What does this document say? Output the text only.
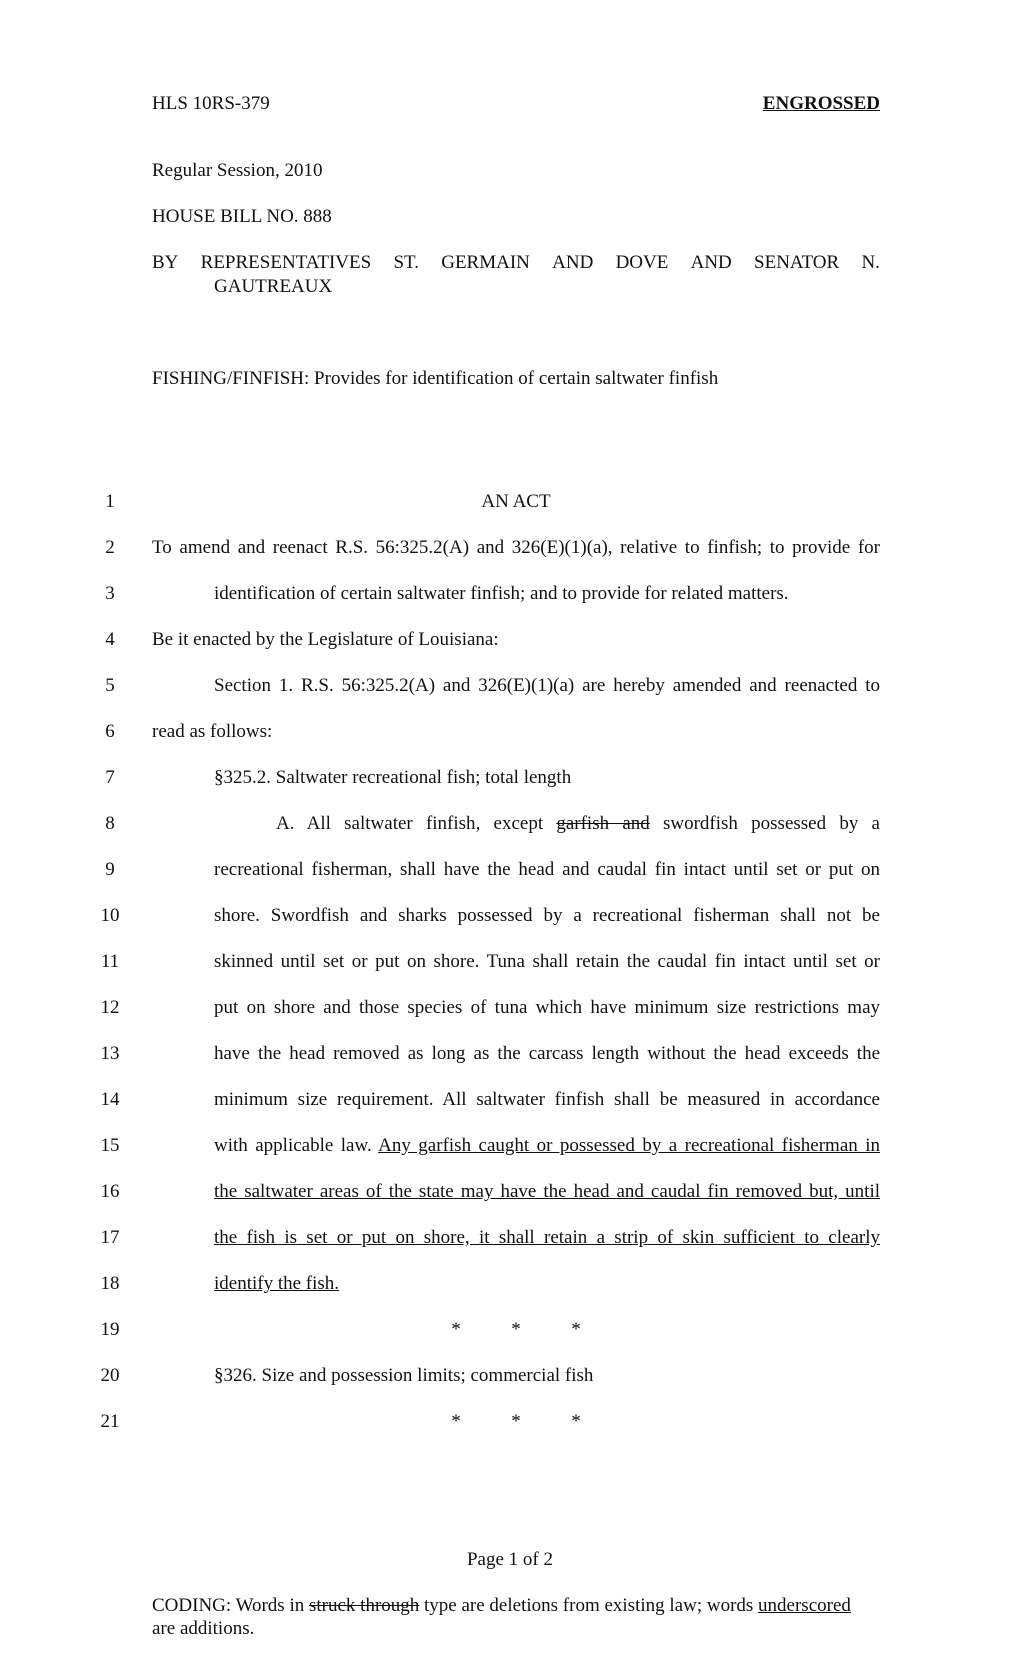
HLS 10RS-379	ENGROSSED
Regular Session, 2010
HOUSE BILL NO. 888
BY REPRESENTATIVES ST. GERMAIN AND DOVE AND SENATOR N.
GAUTREAUX
FISHING/FINFISH: Provides for identification of certain saltwater finfish
1
2
3
4
5
6
7
8
9
10
11
12
13
14
15
16
17
18
19
20
21
AN ACT
To amend and reenact R.S. 56:325.2(A) and 326(E)(1)(a), relative to finfish; to provide for
identification of certain saltwater finfish; and to provide for related matters.
Be it enacted by the Legislature of Louisiana:
Section 1. R.S. 56:325.2(A) and 326(E)(1)(a) are hereby amended and reenacted to
read as follows:
§325.2. Saltwater recreational fish; total length
A. All saltwater finfish, except garfish and swordfish possessed by a
recreational fisherman, shall have the head and caudal fin intact until set or put on
shore. Swordfish and sharks possessed by a recreational fisherman shall not be
skinned until set or put on shore. Tuna shall retain the caudal fin intact until set or
put on shore and those species of tuna which have minimum size restrictions may
have the head removed as long as the carcass length without the head exceeds the
minimum size requirement. All saltwater finfish shall be measured in accordance
with applicable law. Any garfish caught or possessed by a recreational fisherman in
the saltwater areas of the state may have the head and caudal fin removed but, until
the fish is set or put on shore, it shall retain a strip of skin sufficient to clearly
identify the fish.
*	*	*
§326. Size and possession limits; commercial fish
*	*	*
Page 1 of 2
CODING: Words in struck through type are deletions from existing law; words underscored
are additions.
